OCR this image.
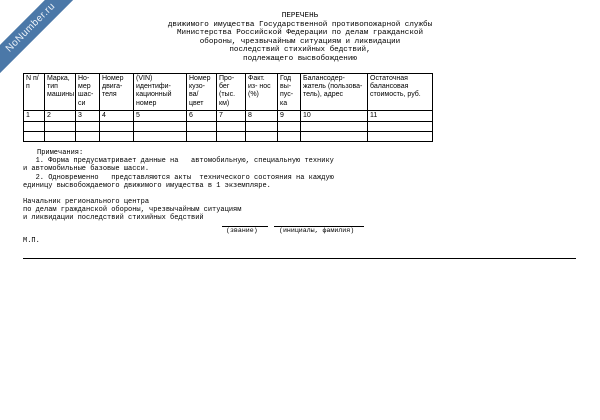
NoNumber.ru	ПЕРЕЧЕНЬ
движимого имущества Государственной противопожарной службы
Министерства Российской Федерации по делам гражданской
обороны, чрезвычайным ситуациям и ликвидации
последствий стихийных бедствий,
подлежащего высвобождению
N п/п	Марка, тип машины	Но- мер шас- си	Номер двига- теля	(VIN) идентифи- кационный номер	Номер кузо- ва/ цвет	Про- бег (тыс. км)	Факт. из- нос (%)	Год вы- пус- ка	Балансодер- жатель (пользова- тель), адрес	Остаточная балансовая стоимость, руб.
1	2	3	4	5	6	7	8	9	10	11

Примечания:
1. Форма предусматривает данные на   автомобильную, специальную технику
и автомобильные базовые шасси.
2. Одновременно   представляются акты  технического состояния на каждую
единицу высвобождаемого движимого имущества в 1 экземпляре.
Начальник регионального центра
по делам гражданской обороны, чрезвычайным ситуациям
и ликвидации последствий стихийных бедствий
(звание)	(инициалы, фамилия)
М.П.
